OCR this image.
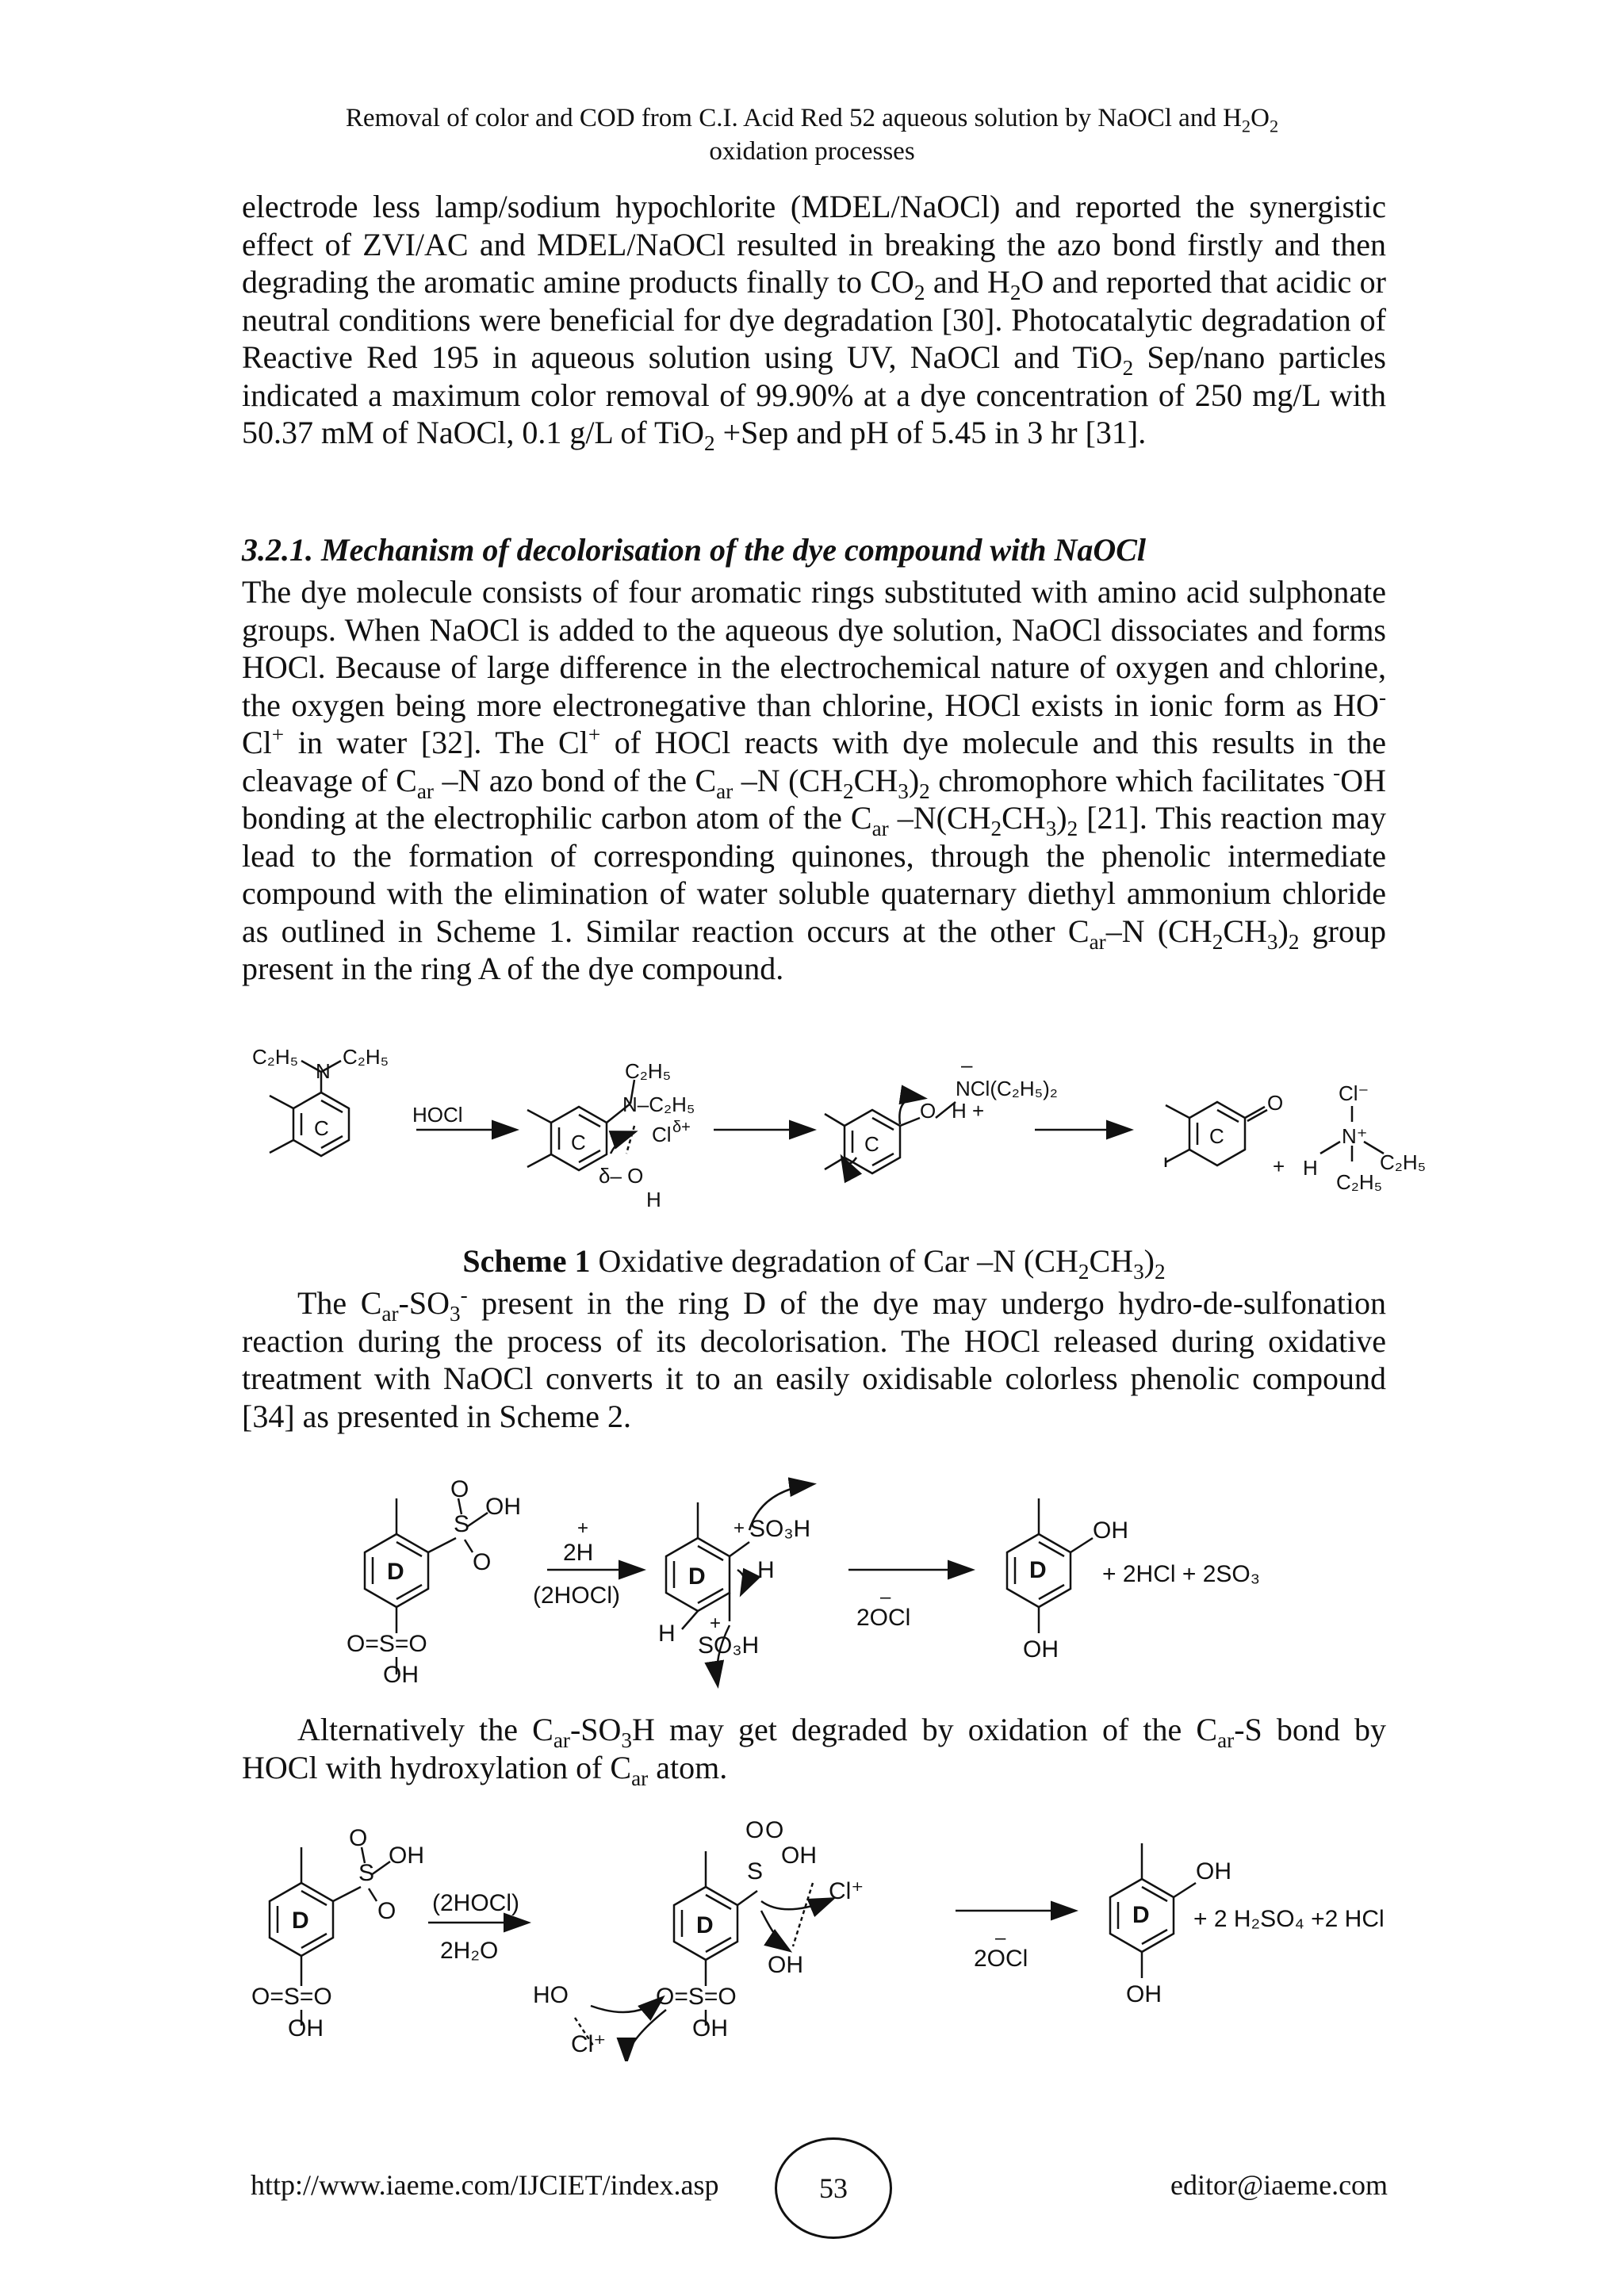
Removal of color and COD from C.I. Acid Red 52 aqueous solution by NaOCl and $H_2O_2$
oxidation processes
electrode less lamp/sodium hypochlorite (MDEL/NaOCl) and reported the synergistic effect of ZVI/AC and MDEL/NaOCl resulted in breaking the azo bond firstly and then degrading the aromatic amine products finally to $CO_2$ and $H_2O$ and reported that acidic or neutral conditions were beneficial for dye degradation [30]. Photocatalytic degradation of Reactive Red 195 in aqueous solution using UV, NaOCl and TiO$_2$ Sep/nano particles indicated a maximum color removal of 99.90% at a dye concentration of 250 mg/L with 50.37 mM of NaOCl, 0.1 g/L of TiO$_2$ +Sep and pH of 5.45 in 3 hr [31].
3.2.1. Mechanism of decolorisation of the dye compound with NaOCl
The dye molecule consists of four aromatic rings substituted with amino acid sulphonate groups. When NaOCl is added to the aqueous dye solution, NaOCl dissociates and forms HOCl. Because of large difference in the electrochemical nature of oxygen and chlorine, the oxygen being more electronegative than chlorine, HOCl exists in ionic form as HO-Cl+ in water [32]. The Cl+ of HOCl reacts with dye molecule and this results in the cleavage of $C_{ar}$ –N azo bond of the $C_{ar}$ –N $(CH_2CH_3)_2$ chromophore which facilitates -OH bonding at the electrophilic carbon atom of the $C_{ar}$ $-N(CH_2CH_3)_2$ [21]. This reaction may lead to the formation of corresponding quinones, through the phenolic intermediate compound with the elimination of water soluble quaternary diethyl ammonium chloride as outlined in Scheme 1. Similar reaction occurs at the other $C_{ar}-N$ $(CH_2CH_3)_2$ group present in the ring A of the dye compound.
C₂H₅
N
C₂H₅
C
HOCl
C₂H₅
N–C₂H₅
C	Cl δ+
δ– O
H
C
O
–
NCl(C₂H₅)₂
H +
C
O
+
Cl⁻
N⁺
H	C₂H₅
C₂H₅
Scheme 1 Oxidative degradation of Car –N $(CH_2CH_3)_2$
The $C_{ar}-SO_3^-$ present in the ring D of the dye may undergo hydro-de-sulfonation reaction during the process of its decolorisation. The HOCl released during oxidative treatment with NaOCl converts it to an easily oxidisable colorless phenolic compound [34] as presented in Scheme 2.
O
S
OH
O
D
O=S=O
OH
+
2H
(2HOCl)
+ SO₃H
H
D
+
H SO₃H
–
2OCl
D
OH
OH
+ 2HCl + 2SO₃
Alternatively the $C_{ar}-SO_3H$ may get degraded by oxidation of the $C_{ar}-S$ bond by HOCl with hydroxylation of $C_{ar}$ atom.
O
S
OH
O
D
O=S=O
OH
(2HOCl)
2H₂O
O O
S
OH
Cl⁺
D
OH
HO	O=S=O
Cl⁺
OH
–
2OCl
D
OH
OH
+ 2 H₂SO₄ +2 HCl
http://www.iaeme.com/IJCIET/index.asp	53	editor@iaeme.com
